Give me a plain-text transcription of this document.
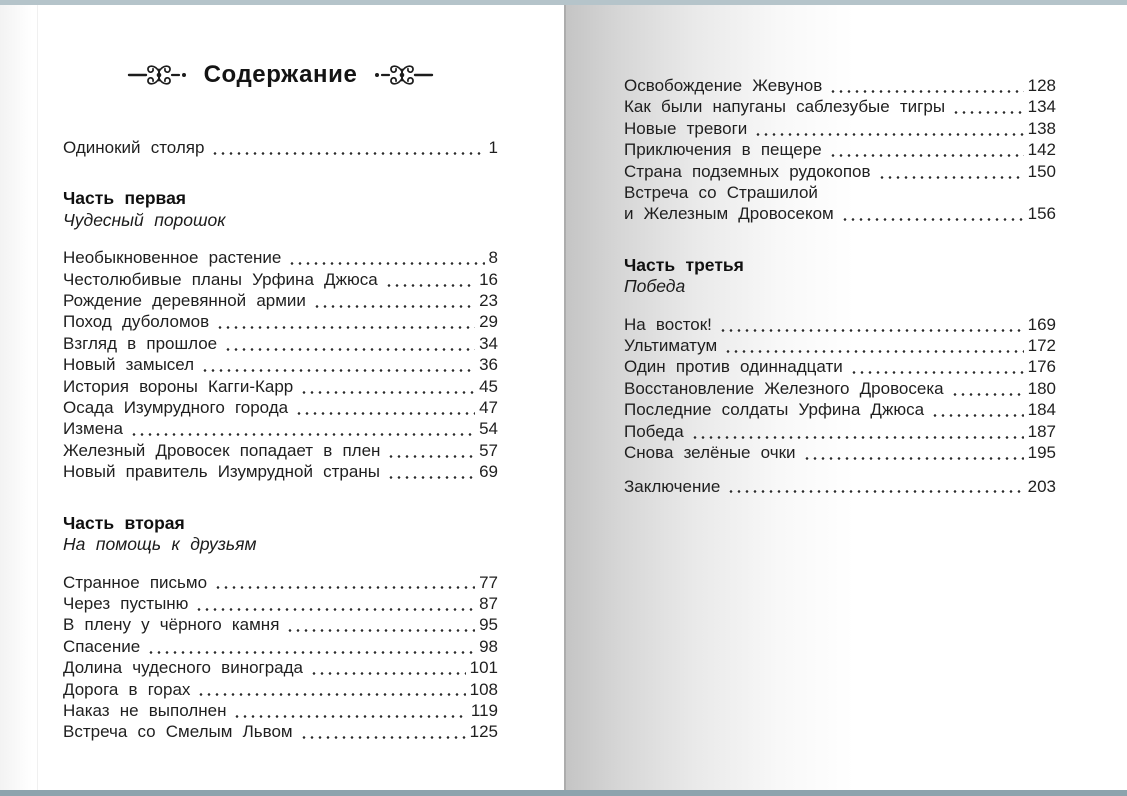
Содержание
Одинокий столяр	1
Часть первая
Чудесный порошок
Необыкновенное растение	8
Честолюбивые планы Урфина Джюса	16
Рождение деревянной армии	23
Поход дуболомов	29
Взгляд в прошлое	34
Новый замысел	36
История вороны Кагги-Карр	45
Осада Изумрудного города	47
Измена	54
Железный Дровосек попадает в плен	57
Новый правитель Изумрудной страны	69
Часть вторая
На помощь к друзьям
Странное письмо	77
Через пустыню	87
В плену у чёрного камня	95
Спасение	98
Долина чудесного винограда	101
Дорога в горах	108
Наказ не выполнен	119
Встреча со Смелым Львом	125
Освобождение Жевунов	128
Как были напуганы саблезубые тигры	134
Новые тревоги	138
Приключения в пещере	142
Страна подземных рудокопов	150
Встреча со Страшилой
и Железным Дровосеком	156
Часть третья
Победа
На восток!	169
Ультиматум	172
Один против одиннадцати	176
Восстановление Железного Дровосека	180
Последние солдаты Урфина Джюса	184
Победа	187
Снова зелёные очки	195
Заключение	203
